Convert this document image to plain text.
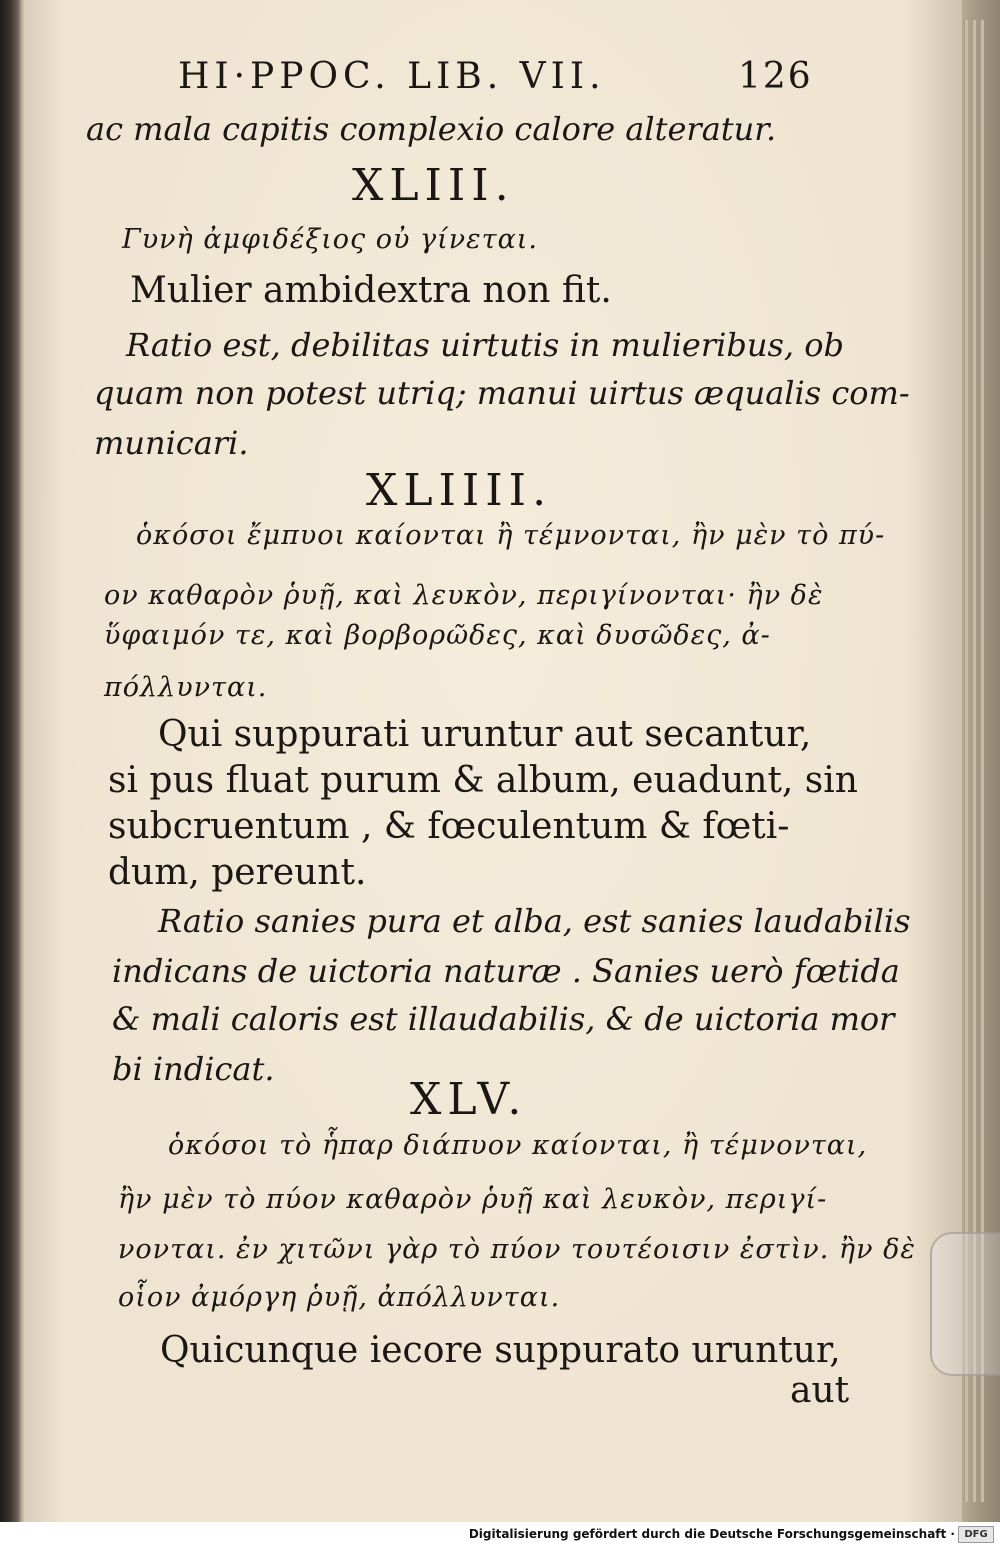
HI·PPOC. LIB. VII.	126
ac mala capitis complexio calore alteratur.
XLIII.
Γυνὴ ἀμφιδέξιος οὐ γίνεται.
Mulier ambidextra non fit.
Ratio est, debilitas uirtutis in mulieribus, ob
quam non potest utriq; manui uirtus æqualis com-
municari.
XLIIII.
ὁκόσοι ἔμπυοι καίονται ἢ τέμνονται, ἢν μὲν τὸ πύ-
ον καθαρὸν ῥυῇ, καὶ λευκὸν, περιγίνονται· ἢν δὲ
ὕφαιμόν τε, καὶ βορβορῶδες, καὶ δυσῶδες, ἀ-
πόλλυνται.
Qui suppurati uruntur aut secantur,
si pus fluat purum & album, euadunt, sin
subcruentum , & fœculentum & fœti-
dum, pereunt.
Ratio sanies pura et alba, est sanies laudabilis
indicans de uictoria naturæ . Sanies uerò fœtida
& mali caloris est illaudabilis, & de uictoria mor
bi indicat.
XLV.
ὁκόσοι τὸ ἧπαρ διάπυον καίονται, ἢ τέμνονται,
ἢν μὲν τὸ πύον καθαρὸν ῥυῇ καὶ λευκὸν, περιγί-
νονται. ἐν χιτῶνι γὰρ τὸ πύον τουτέοισιν ἐστὶν. ἢν δὲ
οἷον ἀμόργη ῥυῇ, ἀπόλλυνται.
Quicunque iecore suppurato uruntur,
aut
Digitalisierung gefördert durch die Deutsche Forschungsgemeinschaft · DFG
